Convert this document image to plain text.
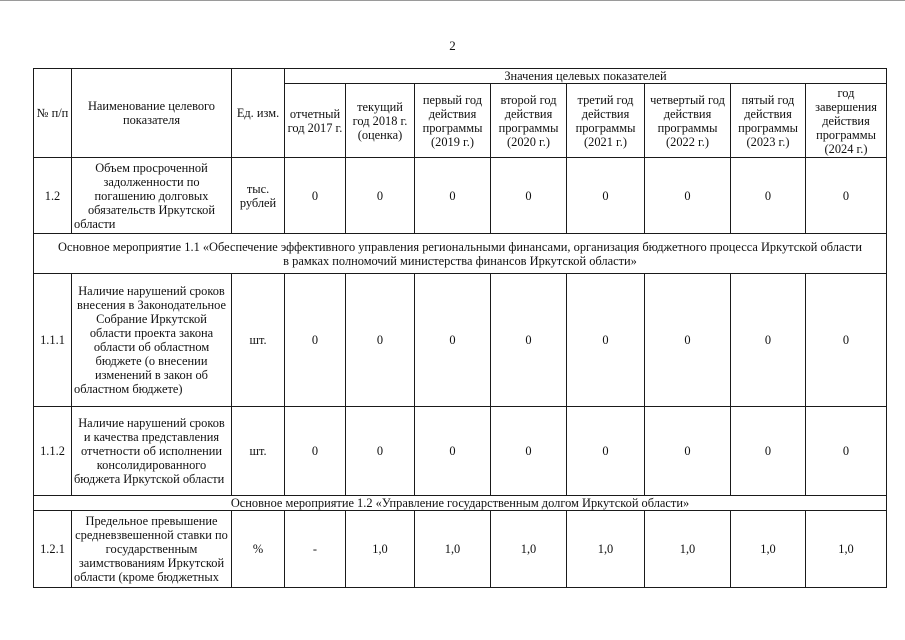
2
№ п/п	Наименование целевого показателя	Ед. изм.	Значения целевых показателей							
			отчетный год 2017 г.	текущий год 2018 г. (оценка)	первый год действия программы (2019 г.)	второй год действия программы (2020 г.)	третий год действия программы (2021 г.)	четвертый год действия программы (2022 г.)	пятый год действия программы (2023 г.)	год завершения действия программы (2024 г.)
1.2	Объем просроченной задолженности по погашению долговых обязательств Иркутской области	тыс. рублей	0	0	0	0	0	0	0	0
Основное мероприятие 1.1 «Обеспечение эффективного управления региональными финансами, организация бюджетного процесса Иркутской области
в рамках полномочий министерства финансов Иркутской области»										
1.1.1	Наличие нарушений сроков внесения в Законодательное Собрание Иркутской области проекта закона области об областном бюджете (о внесении изменений в закон об областном бюджете)	шт.	0	0	0	0	0	0	0	0
1.1.2	Наличие нарушений сроков и качества представления отчетности об исполнении консолидированного бюджета Иркутской области	шт.	0	0	0	0	0	0	0	0
Основное мероприятие 1.2 «Управление государственным долгом Иркутской области»										
1.2.1	Предельное превышение средневзвешенной ставки по государственным заимствованиям Иркутской области (кроме бюджетных	%	-	1,0	1,0	1,0	1,0	1,0	1,0	1,0
